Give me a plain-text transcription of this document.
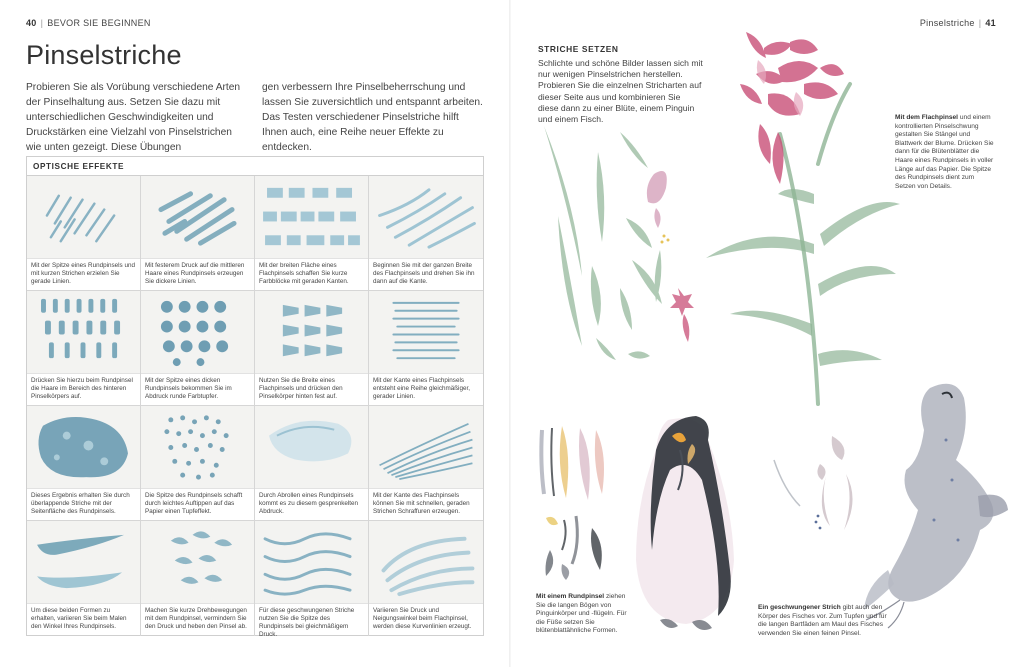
40 | BEVOR SIE BEGINNEN
Pinselstriche

Probieren Sie als Vorübung verschiedene Arten der Pinselhaltung aus. Setzen Sie dazu mit unterschiedlichen Geschwindigkeiten und Druckstärken eine Vielzahl von Pinselstrichen wie unten gezeigt. Diese Übungen

gen verbessern Ihre Pinselbeherrschung und lassen Sie zuversichtlich und entspannt arbeiten. Das Testen verschiedener Pinselstriche hilft Ihnen auch, eine Reihe neuer Effekte zu entdecken.

OPTISCHE EFFEKTE

Mit der Spitze eines Rundpinsels und mit kurzen Strichen erzielen Sie gerade Linien.

Mit festerem Druck auf die mittleren Haare eines Rundpinsels erzeugen Sie dickere Linien.

Mit der breiten Fläche eines Flachpinsels schaffen Sie kurze Farbblöcke mit geraden Kanten.

Beginnen Sie mit der ganzen Breite des Flachpinsels und drehen Sie ihn dann auf die Kante.

Drücken Sie hierzu beim Rundpinsel die Haare im Bereich des hinteren Pinselkörpers auf.

Mit der Spitze eines dicken Rundpinsels bekommen Sie im Abdruck runde Farbtupfer.

Nutzen Sie die Breite eines Flachpinsels und drücken den Pinselkörper hinten fest auf.

Mit der Kante eines Flachpinsels entsteht eine Reihe gleichmäßiger, gerader Linien.

Dieses Ergebnis erhalten Sie durch überlappende Striche mit der Seitenfläche des Rundpinsels.

Die Spitze des Rundpinsels schafft durch leichtes Auftippen auf das Papier einen Tupfeffekt.

Durch Abrollen eines Rundpinsels kommt es zu diesem gesprenkelten Abdruck.

Mit der Kante des Flachpinsels können Sie mit schnellen, geraden Strichen Schraffuren erzeugen.

Um diese beiden Formen zu erhalten, variieren Sie beim Malen den Winkel Ihres Rundpinsels.

Machen Sie kurze Drehbewegungen mit dem Rundpinsel, vermindern Sie den Druck und heben den Pinsel ab.

Für diese geschwungenen Striche nutzen Sie die Spitze des Rundpinsels bei gleichmäßigem Druck.

Variieren Sie Druck und Neigungswinkel beim Flachpinsel, werden diese Kurvenlinien erzeugt.

Pinselstriche | 41
STRICHE SETZEN

Schlichte und schöne Bilder lassen sich mit nur wenigen Pinselstrichen herstellen. Probieren Sie die einzelnen Stricharten auf dieser Seite aus und kombinieren Sie diese dann zu einer Blüte, einem Pinguin und einem Fisch.	Mit dem Flachpinsel und einem kontrollierten Pinselschwung gestalten Sie Stängel und Blattwerk der Blume. Drücken Sie dann für die Blütenblätter die Haare eines Rundpinsels in voller Länge auf das Papier. Die Spitze des Rundpinsels dient zum Setzen von Details.

Mit einem Rundpinsel ziehen Sie die langen Bögen von Pinguinkörper und -flügeln. Für die Füße setzen Sie blütenblattähnliche Formen.

Ein geschwungener Strich gibt auch den Körper des Fisches vor. Zum Tupfen und für die langen Bartfäden am Maul des Fisches verwenden Sie einen feinen Pinsel.
